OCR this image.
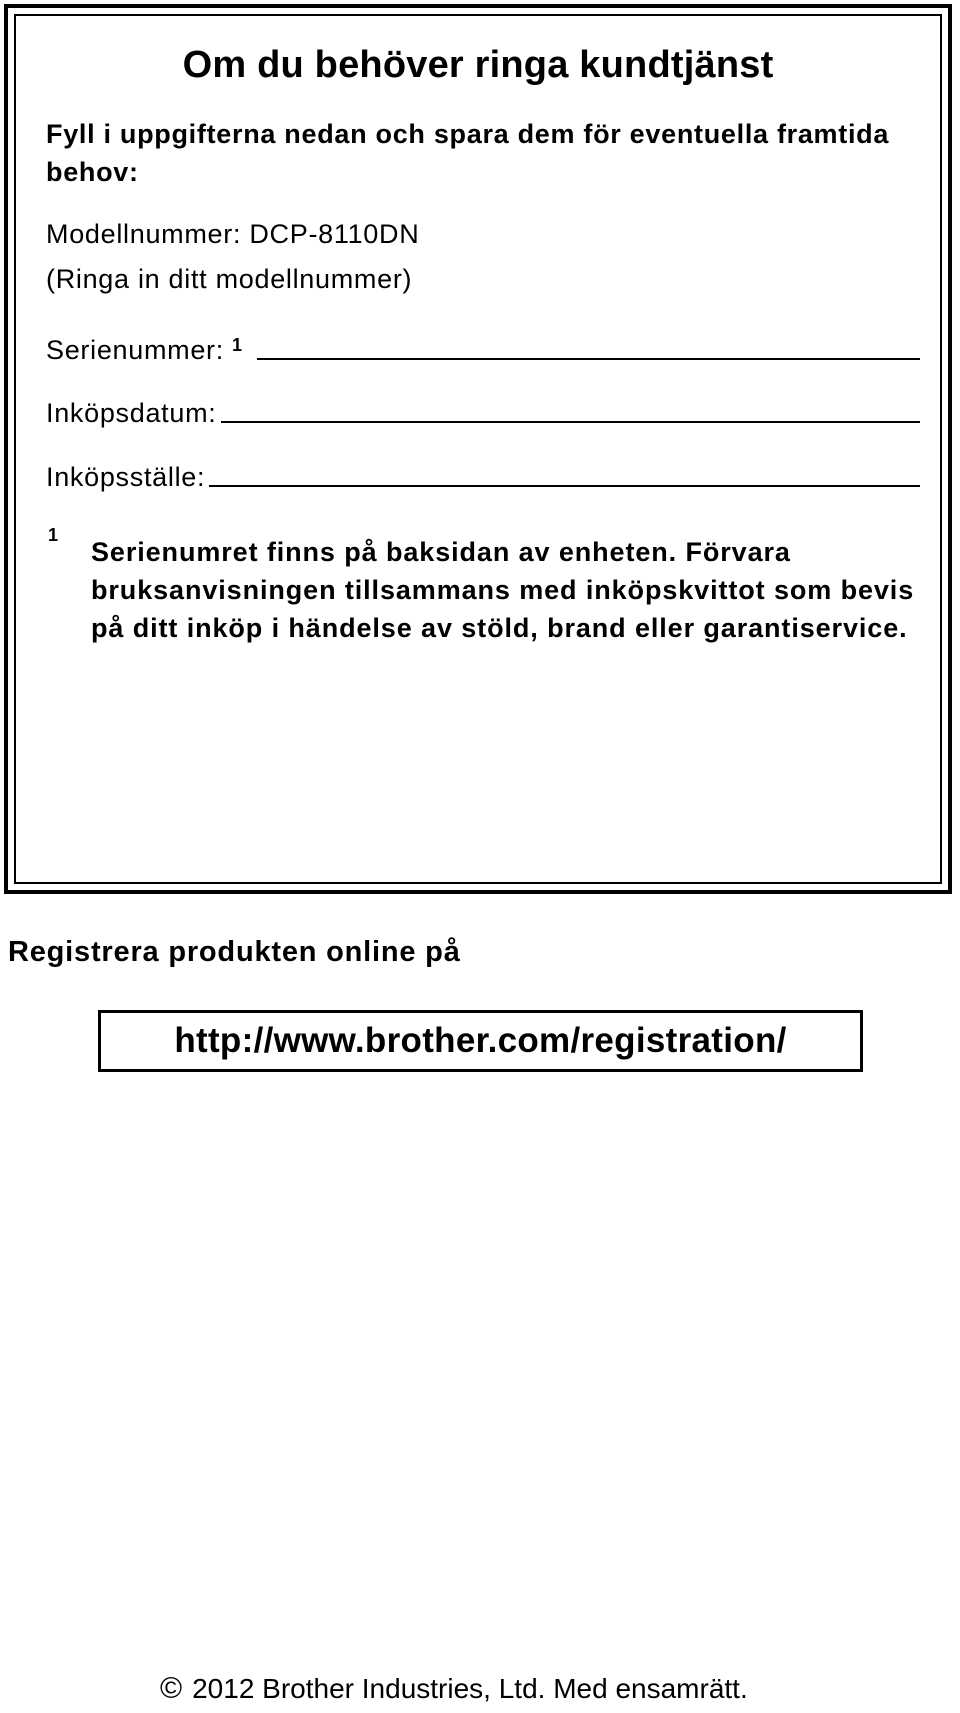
Om du behöver ringa kundtjänst
Fyll i uppgifterna nedan och spara dem för eventuella framtida behov:
Modellnummer: DCP-8110DN
(Ringa in ditt modellnummer)
Serienummer: 1
Inköpsdatum:
Inköpsställe:
1
Serienumret finns på baksidan av enheten. Förvara bruksanvisningen tillsammans med inköpskvittot som bevis på ditt inköp i händelse av stöld, brand eller garantiservice.
Registrera produkten online på
http://www.brother.com/registration/
© 2012 Brother Industries, Ltd. Med ensamrätt.
